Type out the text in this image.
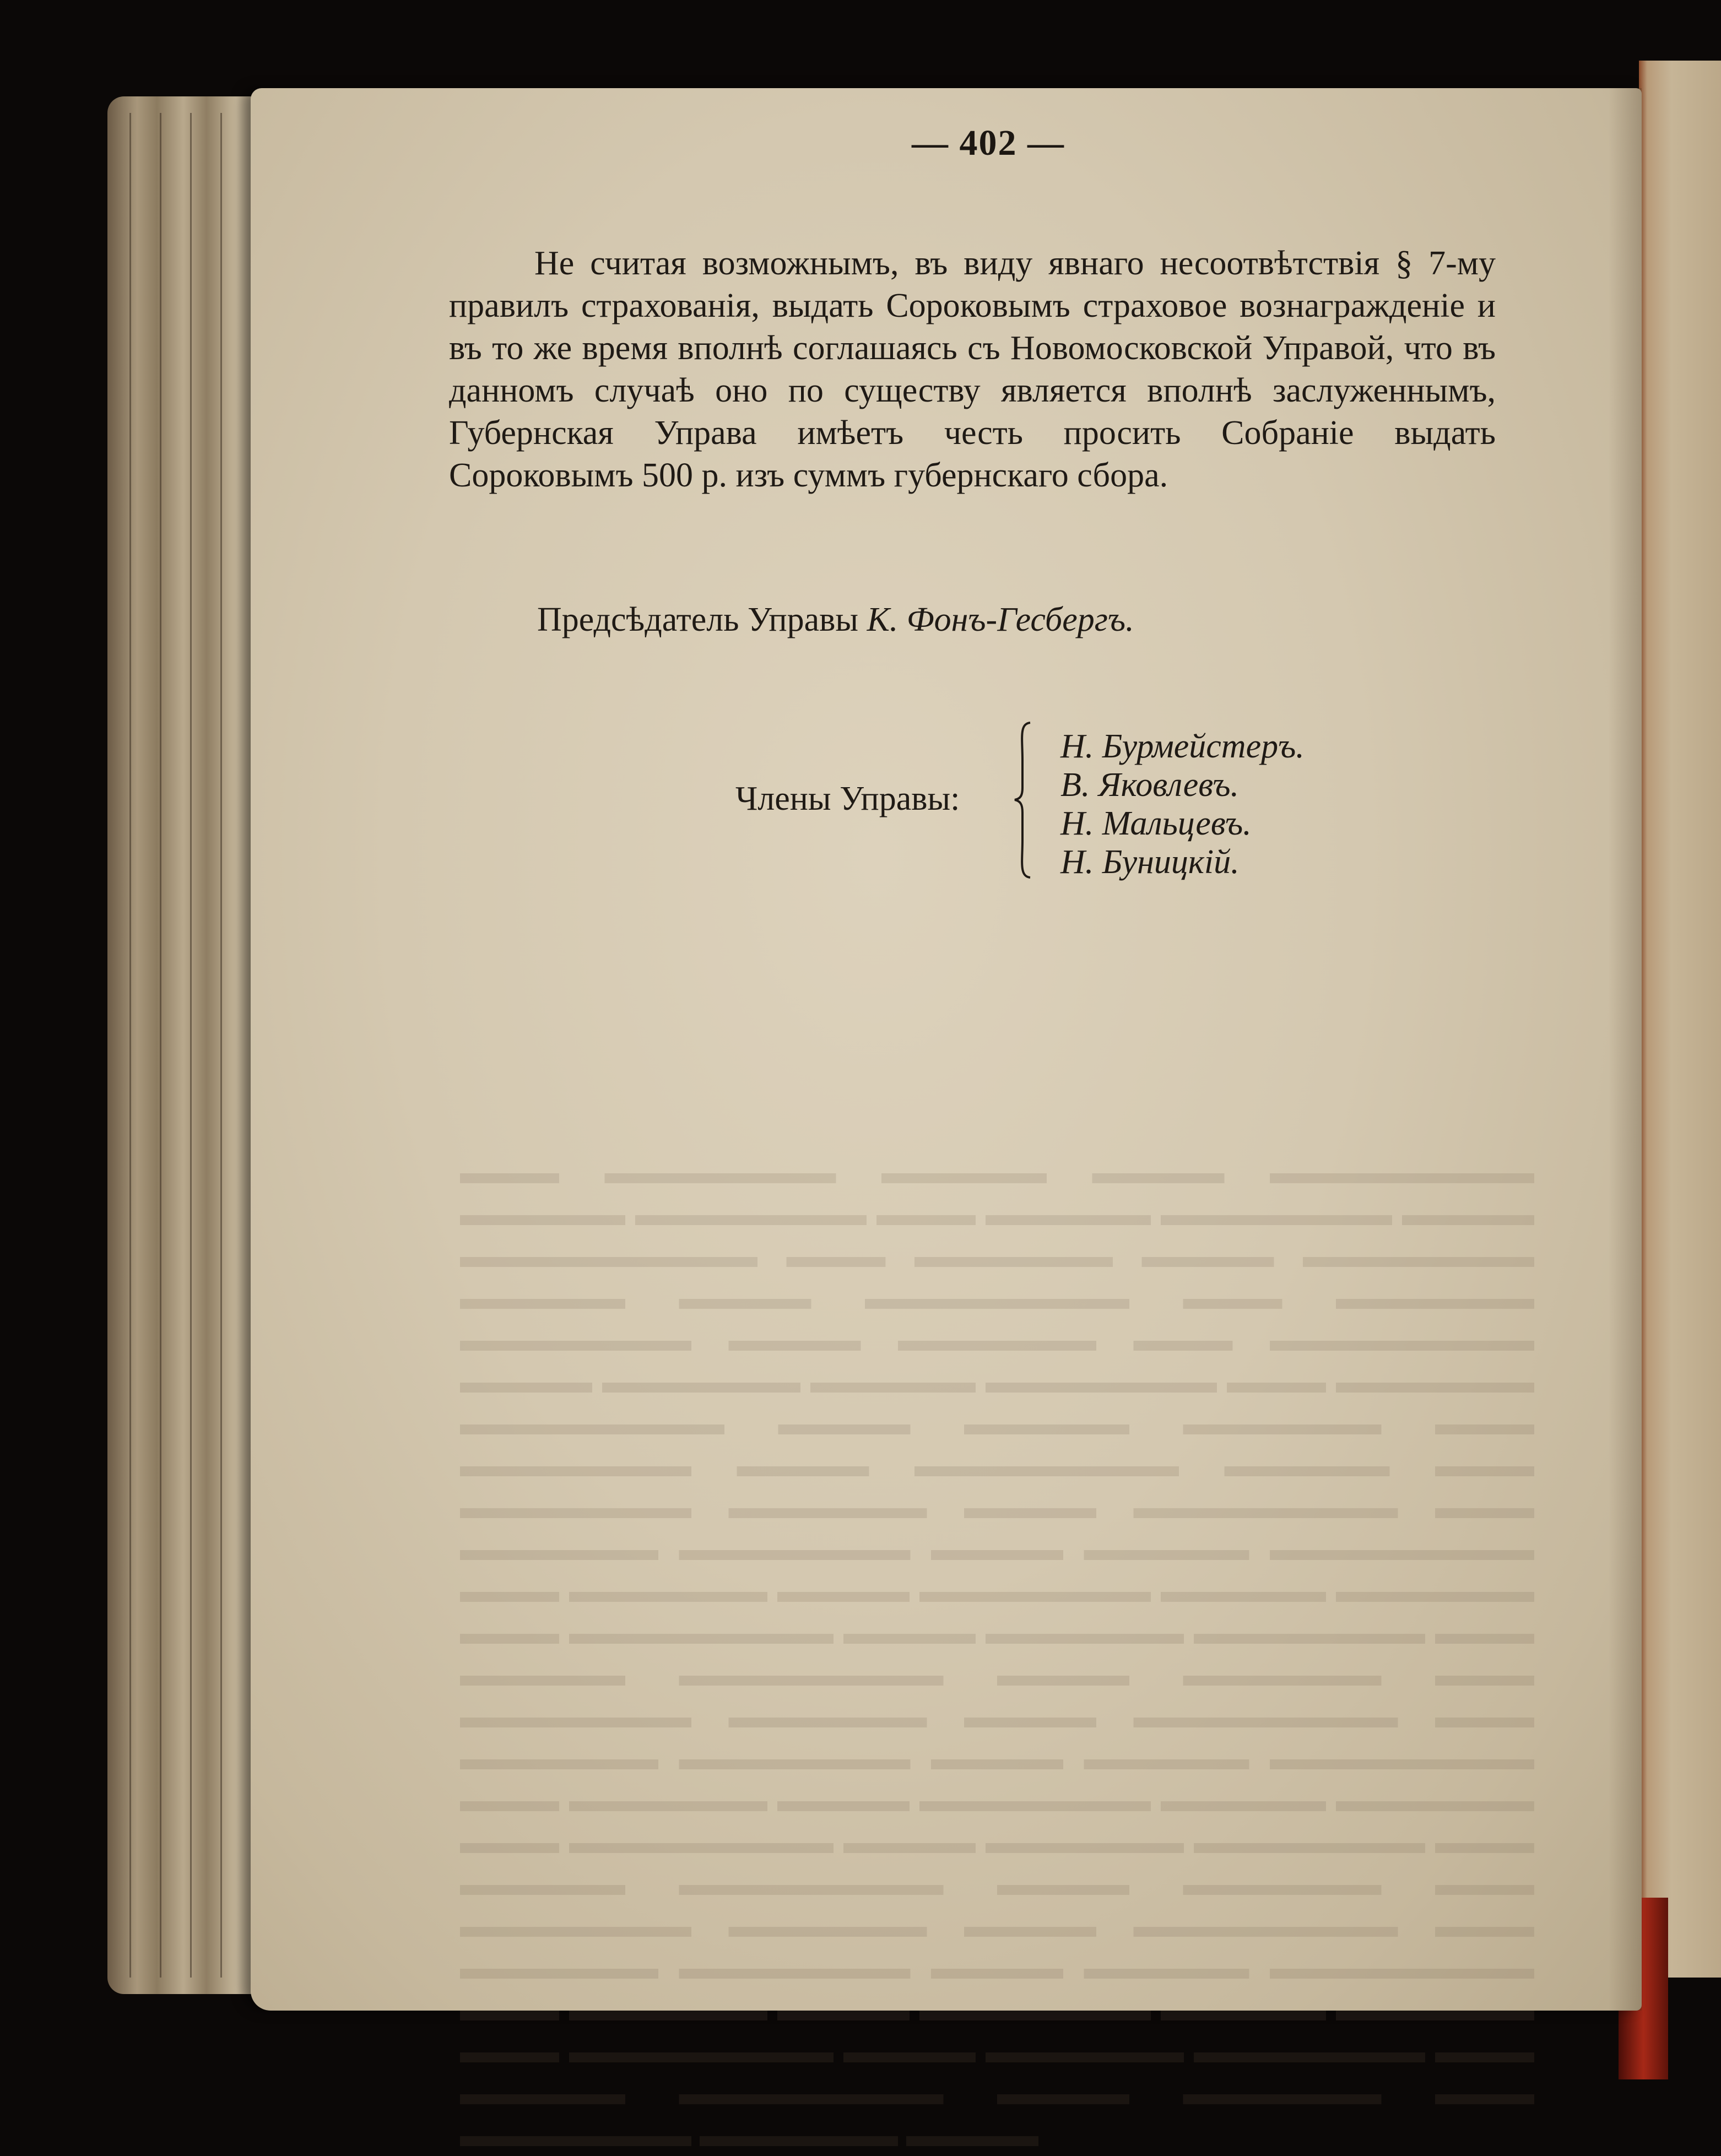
▬▬▬ ▬▬▬▬▬▬▬ ▬▬▬▬▬ ▬▬▬▬ ▬▬▬▬▬▬▬▬ ▬▬▬▬▬ ▬▬▬▬▬▬▬ ▬▬▬ ▬▬▬▬▬ ▬▬▬▬▬▬▬ ▬▬▬▬ ▬▬▬▬▬▬▬▬▬ ▬▬▬ ▬▬▬▬▬▬ ▬▬▬▬ ▬▬▬▬▬▬▬ ▬▬▬▬▬ ▬▬▬▬ ▬▬▬▬▬▬▬▬ ▬▬▬ ▬▬▬▬▬▬ ▬▬▬▬▬▬▬ ▬▬▬▬ ▬▬▬▬▬▬ ▬▬▬ ▬▬▬▬▬▬▬▬ ▬▬▬▬ ▬▬▬▬▬▬ ▬▬▬▬▬ ▬▬▬▬▬▬▬ ▬▬▬ ▬▬▬▬▬▬ ▬▬▬▬▬▬▬▬ ▬▬▬▬ ▬▬▬▬▬ ▬▬▬▬▬▬ ▬▬▬ ▬▬▬▬▬▬▬ ▬▬▬▬ ▬▬▬▬▬▬▬▬ ▬▬▬▬▬ ▬▬▬ ▬▬▬▬▬▬▬ ▬▬▬▬▬▬ ▬▬▬▬ ▬▬▬▬▬▬▬▬ ▬▬▬ ▬▬▬▬▬▬ ▬▬▬▬▬▬▬ ▬▬▬▬ ▬▬▬▬▬ ▬▬▬▬▬▬▬▬ ▬▬▬ ▬▬▬▬▬▬ ▬▬▬▬ ▬▬▬▬▬▬▬ ▬▬▬▬▬ ▬▬▬▬▬▬ ▬▬▬ ▬▬▬▬▬▬▬▬ ▬▬▬▬ ▬▬▬▬▬▬ ▬▬▬▬▬▬▬ ▬▬▬ ▬▬▬▬▬ ▬▬▬▬▬▬▬▬ ▬▬▬▬ ▬▬▬▬▬▬ ▬▬▬ ▬▬▬▬▬▬▬ ▬▬▬▬▬▬ ▬▬▬▬ ▬▬▬▬▬▬▬▬ ▬▬▬ ▬▬▬▬▬▬ ▬▬▬▬▬▬▬ ▬▬▬▬ ▬▬▬▬▬ ▬▬▬▬▬▬▬▬ ▬▬▬ ▬▬▬▬▬▬ ▬▬▬▬ ▬▬▬▬▬▬▬ ▬▬▬▬▬ ▬▬▬▬▬▬ ▬▬▬ ▬▬▬▬▬▬▬▬ ▬▬▬▬ ▬▬▬▬▬▬ ▬▬▬▬▬▬▬ ▬▬▬ ▬▬▬▬▬ ▬▬▬▬▬▬▬▬ ▬▬▬▬ ▬▬▬▬▬▬ ▬▬▬ ▬▬▬▬▬▬▬ ▬▬▬▬▬▬ ▬▬▬▬ ▬▬▬▬▬▬▬▬ ▬▬▬ ▬▬▬▬▬▬ ▬▬▬▬▬▬▬ ▬▬▬▬ ▬▬▬▬▬ ▬▬▬▬▬▬▬▬ ▬▬▬ ▬▬▬▬▬▬ ▬▬▬▬ ▬▬▬▬▬▬▬ ▬▬▬▬▬ ▬▬▬▬▬▬ ▬▬▬ ▬▬▬▬▬▬▬▬ ▬▬▬▬ ▬▬▬▬▬▬ ▬▬▬▬▬▬▬ ▬▬▬ ▬▬▬▬▬ ▬▬▬▬▬▬▬▬ ▬▬▬▬ ▬▬▬▬▬▬ ▬▬▬ ▬▬▬▬▬▬▬ ▬▬▬▬▬▬ ▬▬▬▬
— 402 —

Не считая возможнымъ, въ виду явнаго несоотвѣтствія § 7-му правилъ страхованія, выдать Сороковымъ страховое вознагражденіе и въ то же время вполнѣ соглашаясь съ Новомосковской Управой, что въ данномъ случаѣ оно по существу является вполнѣ заслуженнымъ, Губернская Управа имѣетъ честь просить Собраніе выдать Сороковымъ 500 р. изъ суммъ губернскаго сбора.

Предсѣдатель Управы К. Фонъ-Гесбергъ.
Члены Управы:
Н. Бурмейстеръ.
В. Яковлевъ.
Н. Мальцевъ.
Н. Буницкій.
